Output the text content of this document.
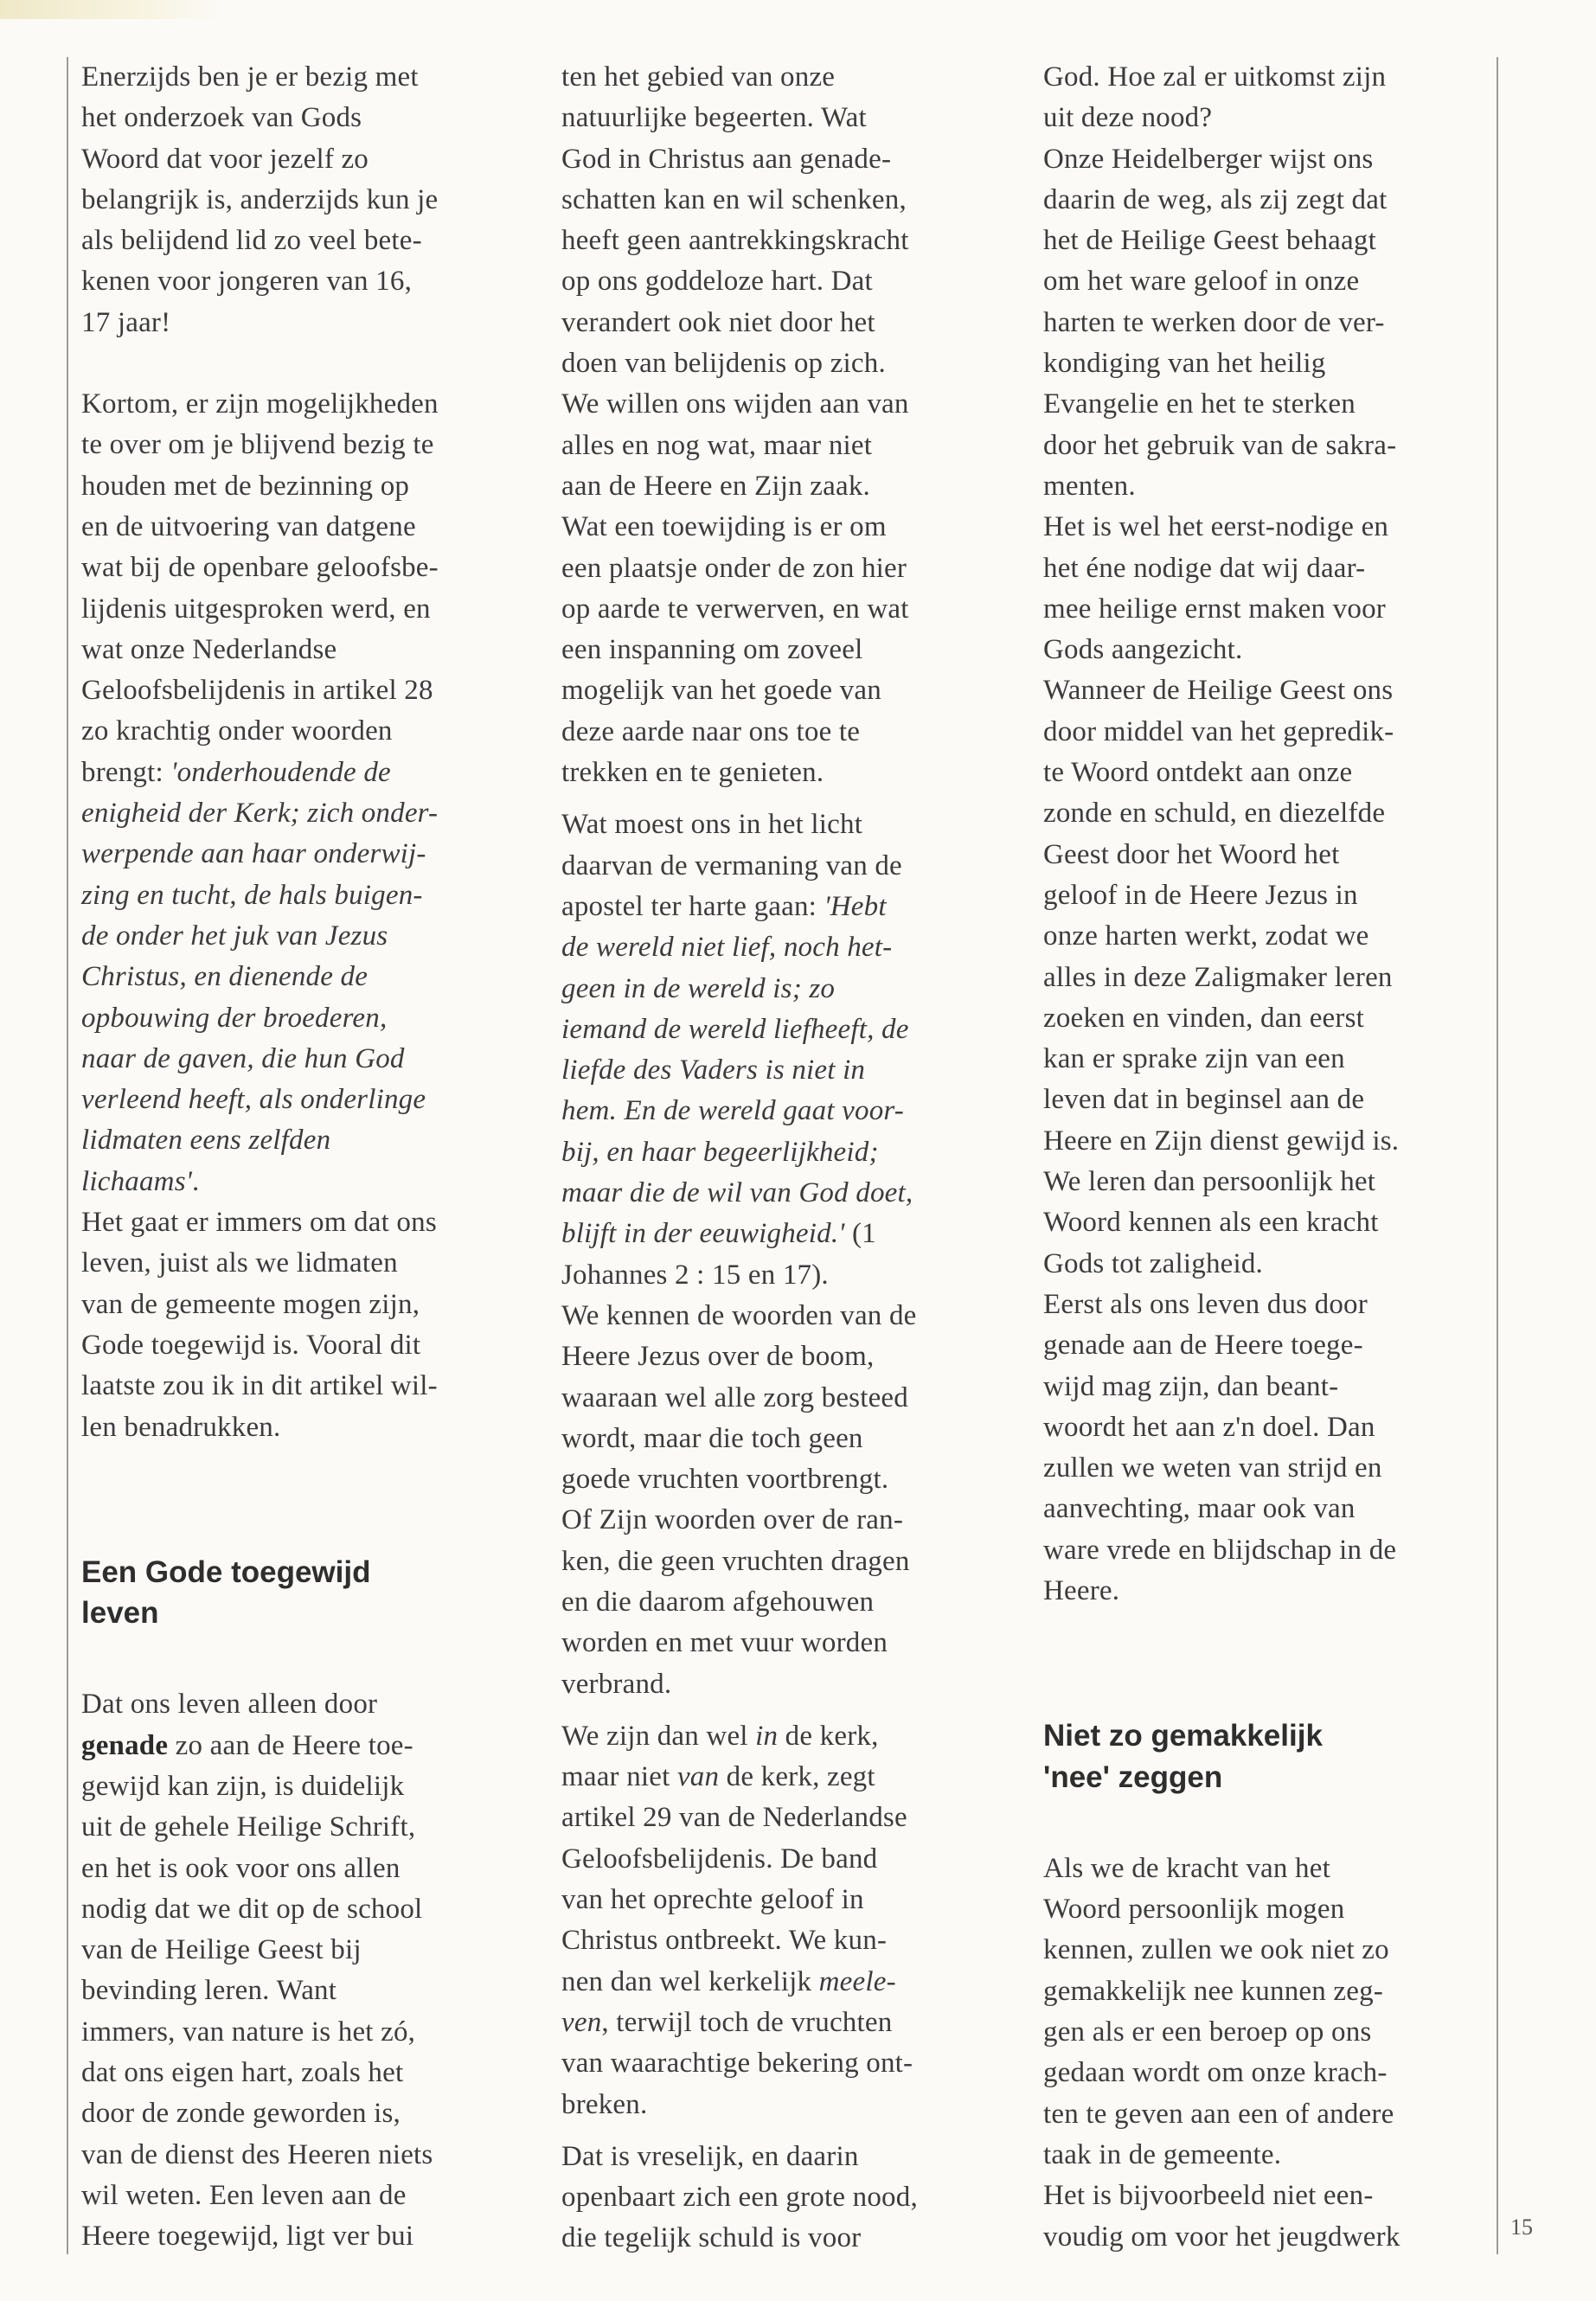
Enerzijds ben je er bezig met
het onderzoek van Gods
Woord dat voor jezelf zo
belangrijk is, anderzijds kun je
als belijdend lid zo veel bete-
kenen voor jongeren van 16,
17 jaar!
Kortom, er zijn mogelijkheden
te over om je blijvend bezig te
houden met de bezinning op
en de uitvoering van datgene
wat bij de openbare geloofsbe-
lijdenis uitgesproken werd, en
wat onze Nederlandse
Geloofsbelijdenis in artikel 28
zo krachtig onder woorden
brengt: 'onderhoudende de
enigheid der Kerk; zich onder-
werpende aan haar onderwij-
zing en tucht, de hals buigen-
de onder het juk van Jezus
Christus, en dienende de
opbouwing der broederen,
naar de gaven, die hun God
verleend heeft, als onderlinge
lidmaten eens zelfden
lichaams'.
Het gaat er immers om dat ons
leven, juist als we lidmaten
van de gemeente mogen zijn,
Gode toegewijd is. Vooral dit
laatste zou ik in dit artikel wil-
len benadrukken.
Een Gode toegewijd
leven
Dat ons leven alleen door
genade zo aan de Heere toe-
gewijd kan zijn, is duidelijk
uit de gehele Heilige Schrift,
en het is ook voor ons allen
nodig dat we dit op de school
van de Heilige Geest bij
bevinding leren. Want
immers, van nature is het zó,
dat ons eigen hart, zoals het
door de zonde geworden is,
van de dienst des Heeren niets
wil weten. Een leven aan de
Heere toegewijd, ligt ver bui
ten het gebied van onze
natuurlijke begeerten. Wat
God in Christus aan genade-
schatten kan en wil schenken,
heeft geen aantrekkingskracht
op ons goddeloze hart. Dat
verandert ook niet door het
doen van belijdenis op zich.
We willen ons wijden aan van
alles en nog wat, maar niet
aan de Heere en Zijn zaak.
Wat een toewijding is er om
een plaatsje onder de zon hier
op aarde te verwerven, en wat
een inspanning om zoveel
mogelijk van het goede van
deze aarde naar ons toe te
trekken en te genieten.
Wat moest ons in het licht
daarvan de vermaning van de
apostel ter harte gaan: 'Hebt
de wereld niet lief, noch het-
geen in de wereld is; zo
iemand de wereld liefheeft, de
liefde des Vaders is niet in
hem. En de wereld gaat voor-
bij, en haar begeerlijkheid;
maar die de wil van God doet,
blijft in der eeuwigheid.' (1
Johannes 2 : 15 en 17).
We kennen de woorden van de
Heere Jezus over de boom,
waaraan wel alle zorg besteed
wordt, maar die toch geen
goede vruchten voortbrengt.
Of Zijn woorden over de ran-
ken, die geen vruchten dragen
en die daarom afgehouwen
worden en met vuur worden
verbrand.
We zijn dan wel in de kerk,
maar niet van de kerk, zegt
artikel 29 van de Nederlandse
Geloofsbelijdenis. De band
van het oprechte geloof in
Christus ontbreekt. We kun-
nen dan wel kerkelijk meele-
ven, terwijl toch de vruchten
van waarachtige bekering ont-
breken.
Dat is vreselijk, en daarin
openbaart zich een grote nood,
die tegelijk schuld is voor
God. Hoe zal er uitkomst zijn
uit deze nood?
Onze Heidelberger wijst ons
daarin de weg, als zij zegt dat
het de Heilige Geest behaagt
om het ware geloof in onze
harten te werken door de ver-
kondiging van het heilig
Evangelie en het te sterken
door het gebruik van de sakra-
menten.
Het is wel het eerst-nodige en
het éne nodige dat wij daar-
mee heilige ernst maken voor
Gods aangezicht.
Wanneer de Heilige Geest ons
door middel van het gepredik-
te Woord ontdekt aan onze
zonde en schuld, en diezelfde
Geest door het Woord het
geloof in de Heere Jezus in
onze harten werkt, zodat we
alles in deze Zaligmaker leren
zoeken en vinden, dan eerst
kan er sprake zijn van een
leven dat in beginsel aan de
Heere en Zijn dienst gewijd is.
We leren dan persoonlijk het
Woord kennen als een kracht
Gods tot zaligheid.
Eerst als ons leven dus door
genade aan de Heere toege-
wijd mag zijn, dan beant-
woordt het aan z'n doel. Dan
zullen we weten van strijd en
aanvechting, maar ook van
ware vrede en blijdschap in de
Heere.
Niet zo gemakkelijk
'nee' zeggen
Als we de kracht van het
Woord persoonlijk mogen
kennen, zullen we ook niet zo
gemakkelijk nee kunnen zeg-
gen als er een beroep op ons
gedaan wordt om onze krach-
ten te geven aan een of andere
taak in de gemeente.
Het is bijvoorbeeld niet een-
voudig om voor het jeugdwerk	15
